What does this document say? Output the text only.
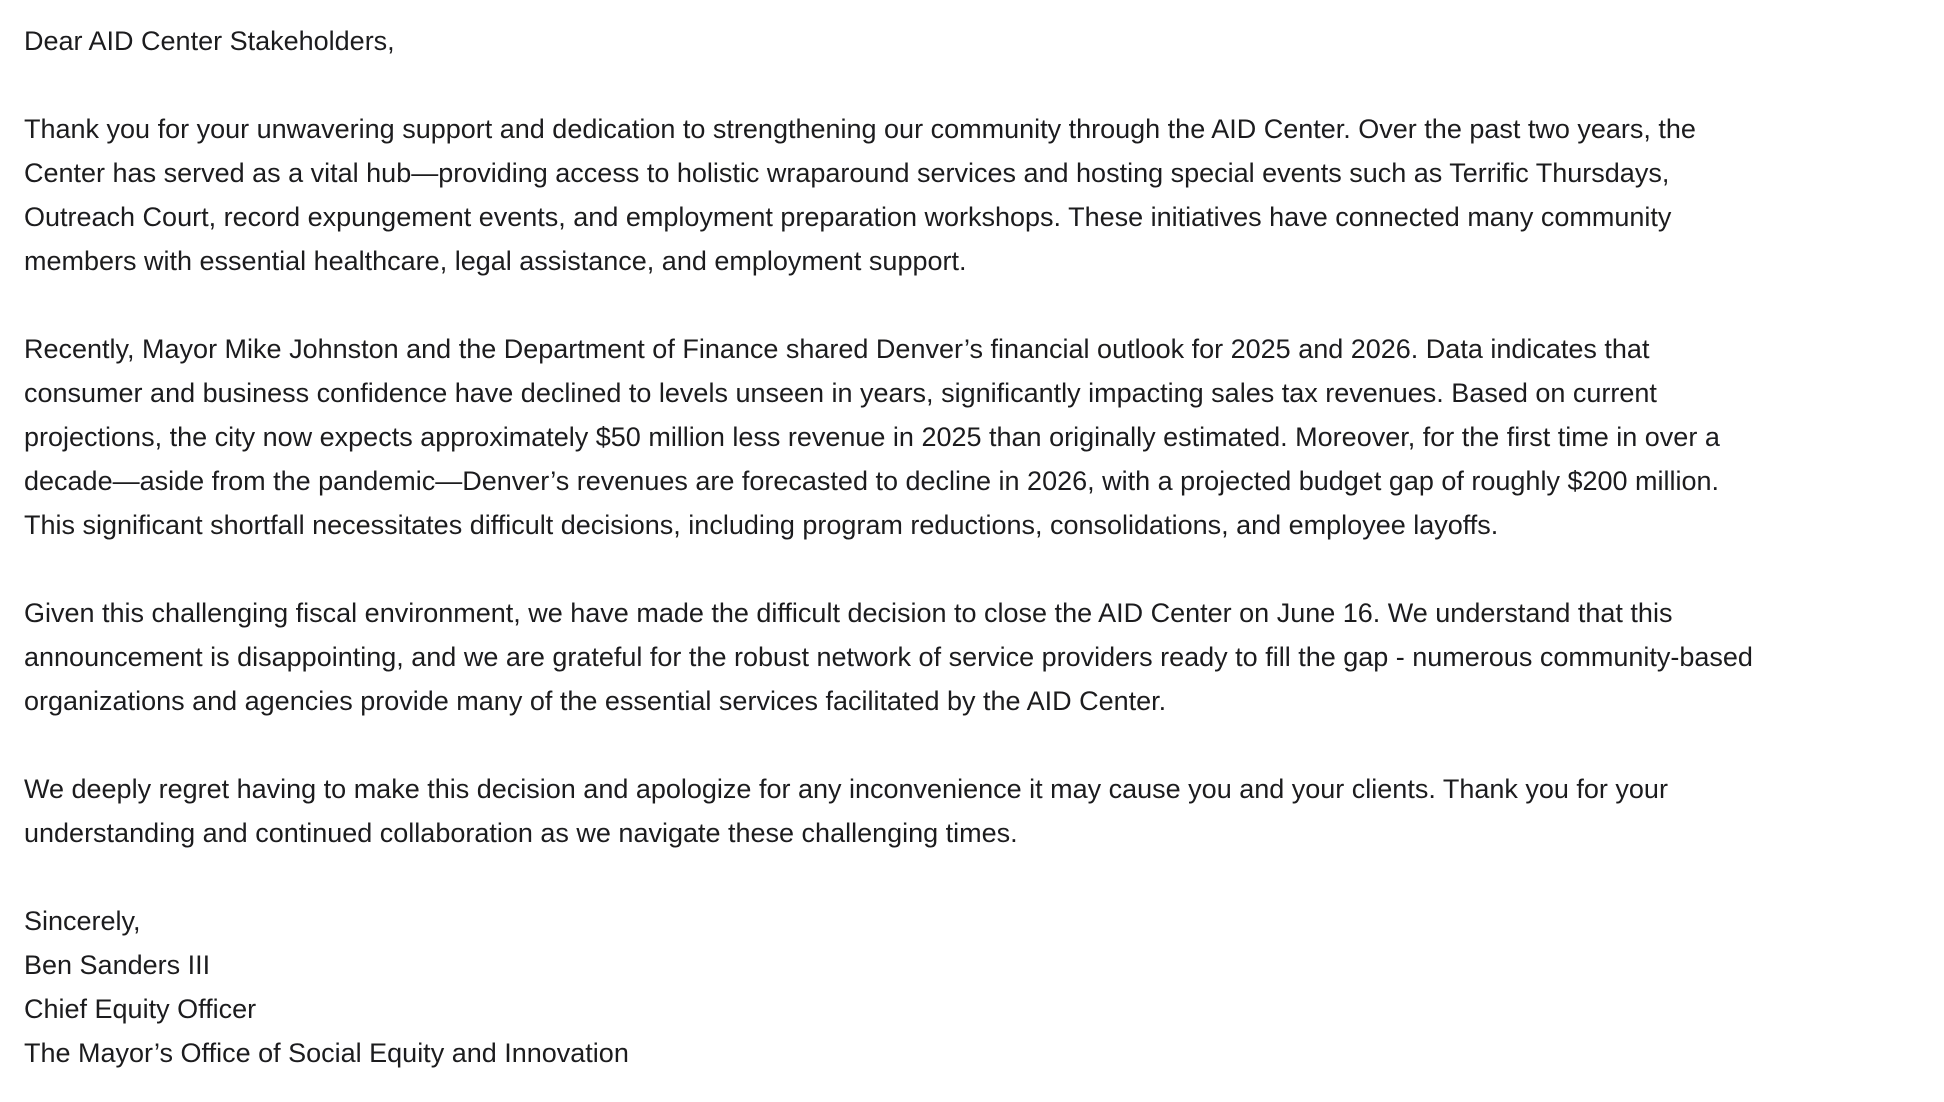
Dear AID Center Stakeholders,
Thank you for your unwavering support and dedication to strengthening our community through the AID Center. Over the past two years, the
Center has served as a vital hub—providing access to holistic wraparound services and hosting special events such as Terrific Thursdays,
Outreach Court, record expungement events, and employment preparation workshops. These initiatives have connected many community
members with essential healthcare, legal assistance, and employment support.
Recently, Mayor Mike Johnston and the Department of Finance shared Denver’s financial outlook for 2025 and 2026. Data indicates that
consumer and business confidence have declined to levels unseen in years, significantly impacting sales tax revenues. Based on current
projections, the city now expects approximately $50 million less revenue in 2025 than originally estimated. Moreover, for the first time in over a
decade—aside from the pandemic—Denver’s revenues are forecasted to decline in 2026, with a projected budget gap of roughly $200 million.
This significant shortfall necessitates difficult decisions, including program reductions, consolidations, and employee layoffs.
Given this challenging fiscal environment, we have made the difficult decision to close the AID Center on June 16. We understand that this
announcement is disappointing, and we are grateful for the robust network of service providers ready to fill the gap - numerous community-based
organizations and agencies provide many of the essential services facilitated by the AID Center.
We deeply regret having to make this decision and apologize for any inconvenience it may cause you and your clients. Thank you for your
understanding and continued collaboration as we navigate these challenging times.
Sincerely,
Ben Sanders III
Chief Equity Officer
The Mayor’s Office of Social Equity and Innovation
